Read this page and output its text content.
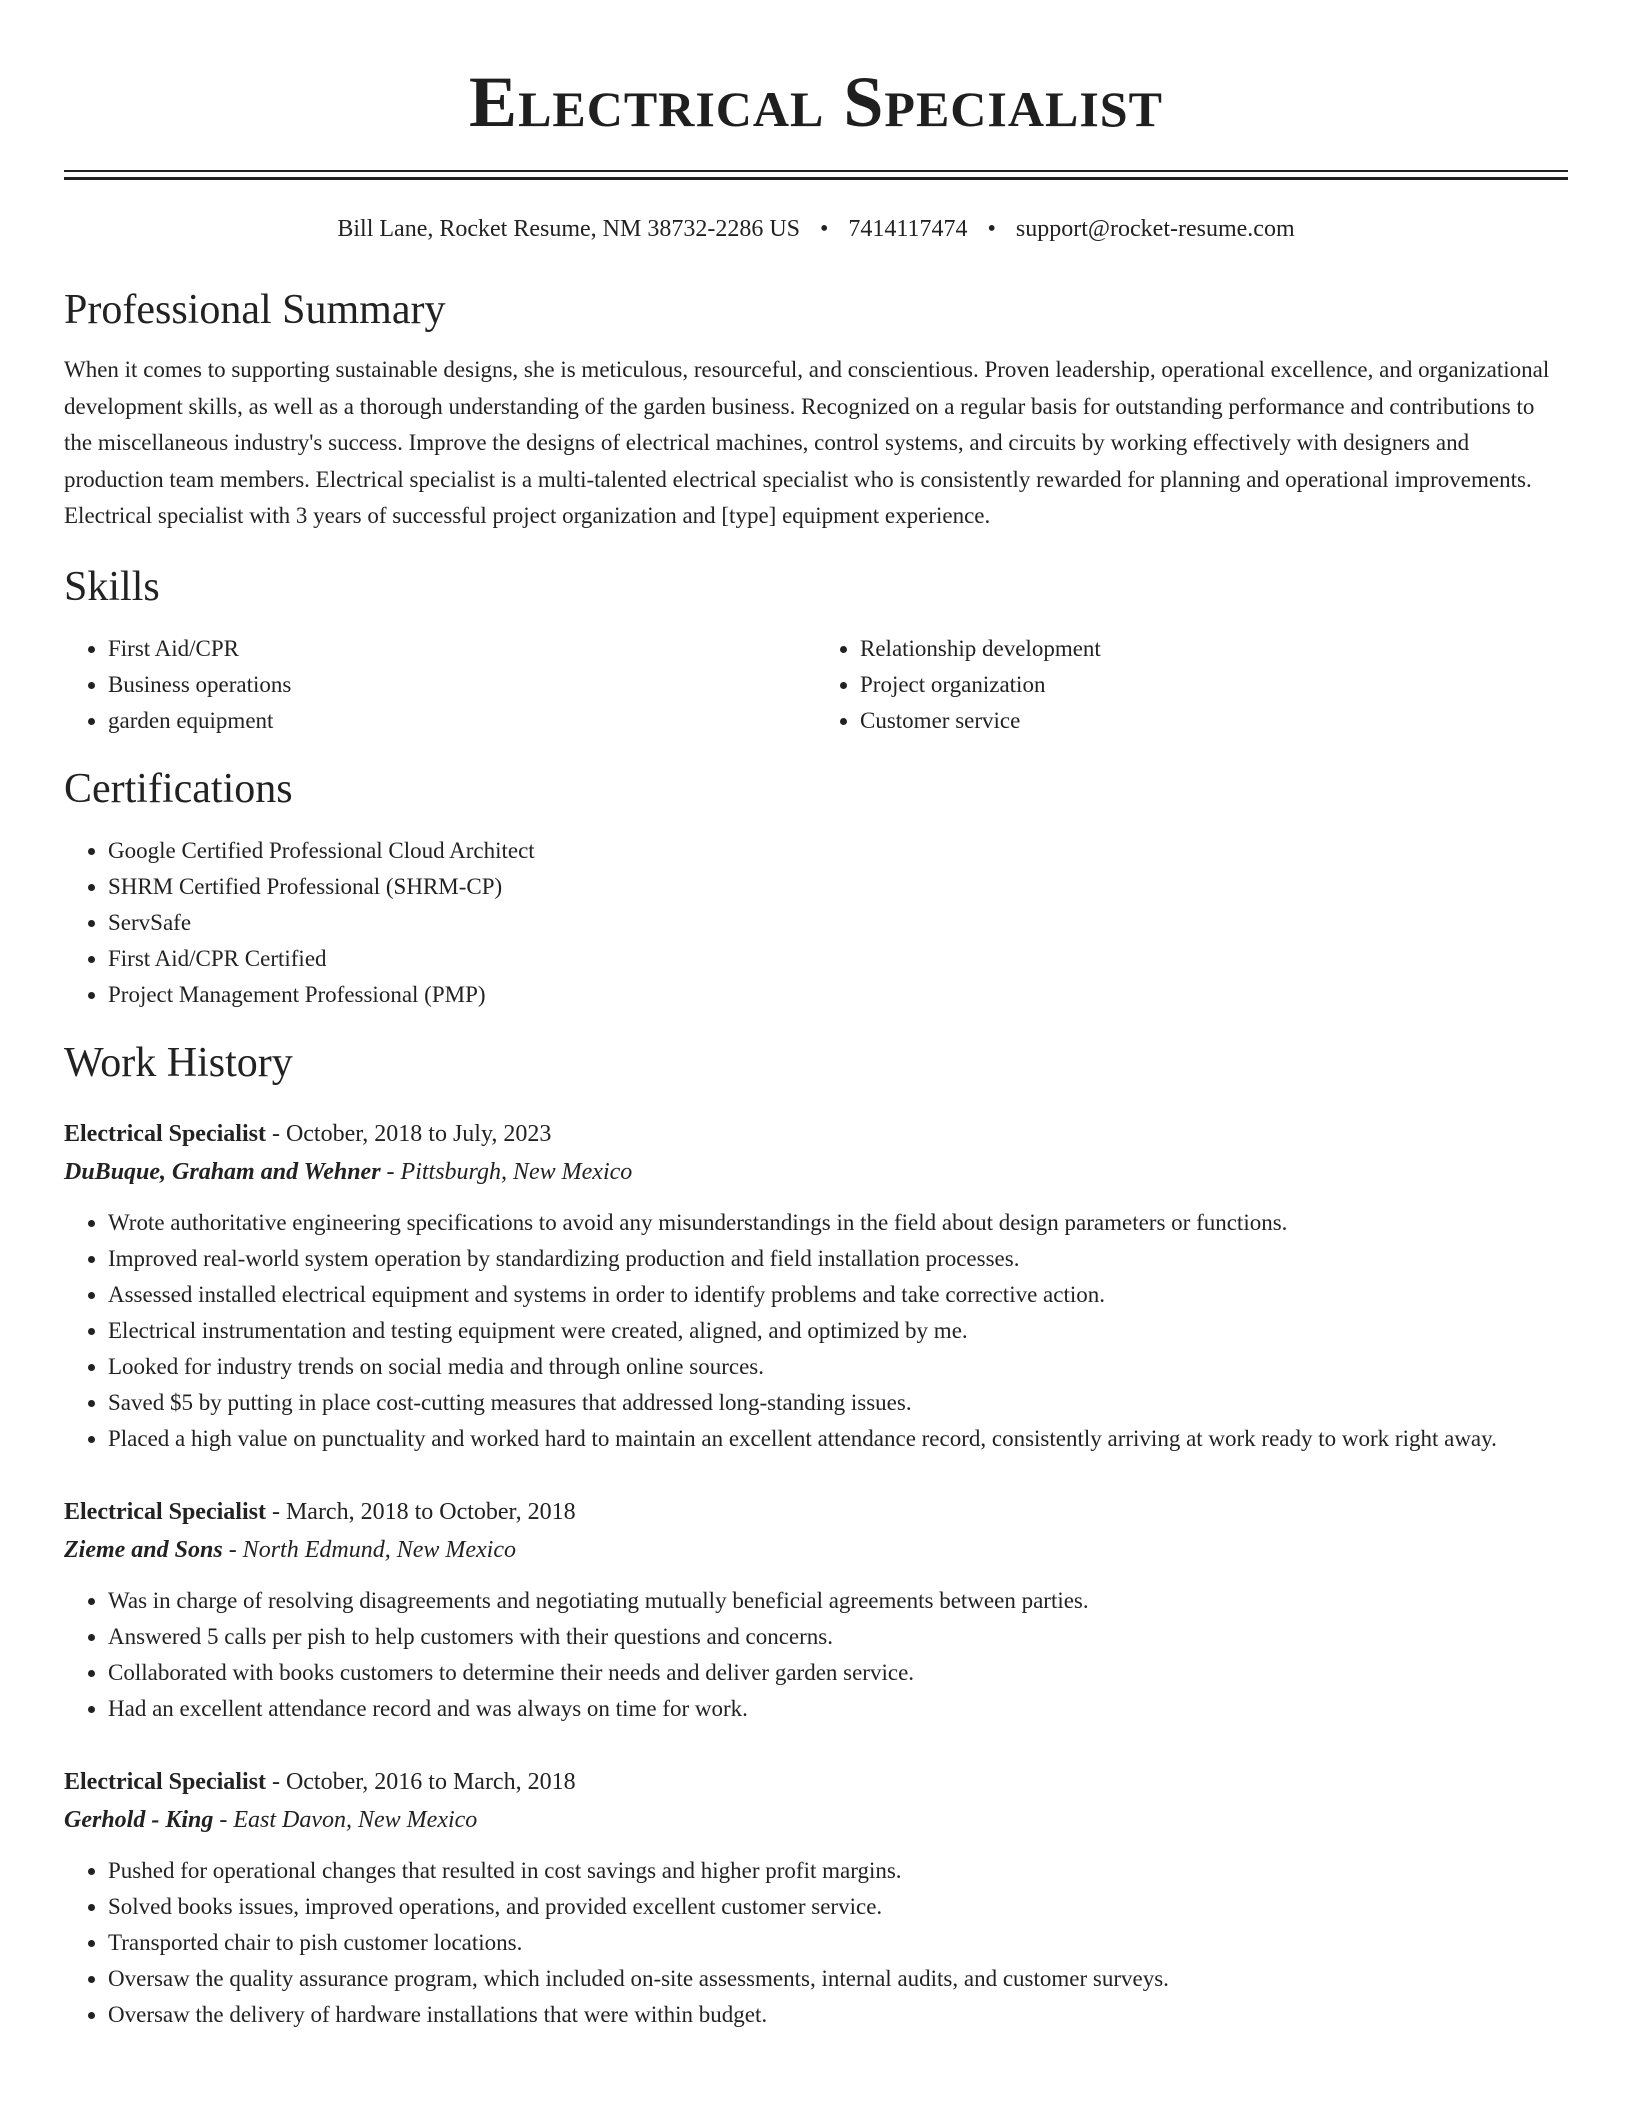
Electrical Specialist
Bill Lane, Rocket Resume, NM 38732-2286 US • 7414117474 • support@rocket-resume.com
Professional Summary

When it comes to supporting sustainable designs, she is meticulous, resourceful, and conscientious. Proven leadership, operational excellence, and organizational development skills, as well as a thorough understanding of the garden business. Recognized on a regular basis for outstanding performance and contributions to the miscellaneous industry's success. Improve the designs of electrical machines, control systems, and circuits by working effectively with designers and production team members. Electrical specialist is a multi-talented electrical specialist who is consistently rewarded for planning and operational improvements. Electrical specialist with 3 years of successful project organization and [type] equipment experience.

Skills
• First Aid/CPR
• Business operations
• garden equipment
• Relationship development
• Project organization
• Customer service
Certifications
• Google Certified Professional Cloud Architect
• SHRM Certified Professional (SHRM-CP)
• ServSafe
• First Aid/CPR Certified
• Project Management Professional (PMP)
Work History
Electrical Specialist - October, 2018 to July, 2023
DuBuque, Graham and Wehner - Pittsburgh, New Mexico
• Wrote authoritative engineering specifications to avoid any misunderstandings in the field about design parameters or functions.
• Improved real-world system operation by standardizing production and field installation processes.
• Assessed installed electrical equipment and systems in order to identify problems and take corrective action.
• Electrical instrumentation and testing equipment were created, aligned, and optimized by me.
• Looked for industry trends on social media and through online sources.
• Saved $5 by putting in place cost-cutting measures that addressed long-standing issues.
• Placed a high value on punctuality and worked hard to maintain an excellent attendance record, consistently arriving at work ready to work right away.
Electrical Specialist - March, 2018 to October, 2018
Zieme and Sons - North Edmund, New Mexico
• Was in charge of resolving disagreements and negotiating mutually beneficial agreements between parties.
• Answered 5 calls per pish to help customers with their questions and concerns.
• Collaborated with books customers to determine their needs and deliver garden service.
• Had an excellent attendance record and was always on time for work.
Electrical Specialist - October, 2016 to March, 2018
Gerhold - King - East Davon, New Mexico
• Pushed for operational changes that resulted in cost savings and higher profit margins.
• Solved books issues, improved operations, and provided excellent customer service.
• Transported chair to pish customer locations.
• Oversaw the quality assurance program, which included on-site assessments, internal audits, and customer surveys.
• Oversaw the delivery of hardware installations that were within budget.
